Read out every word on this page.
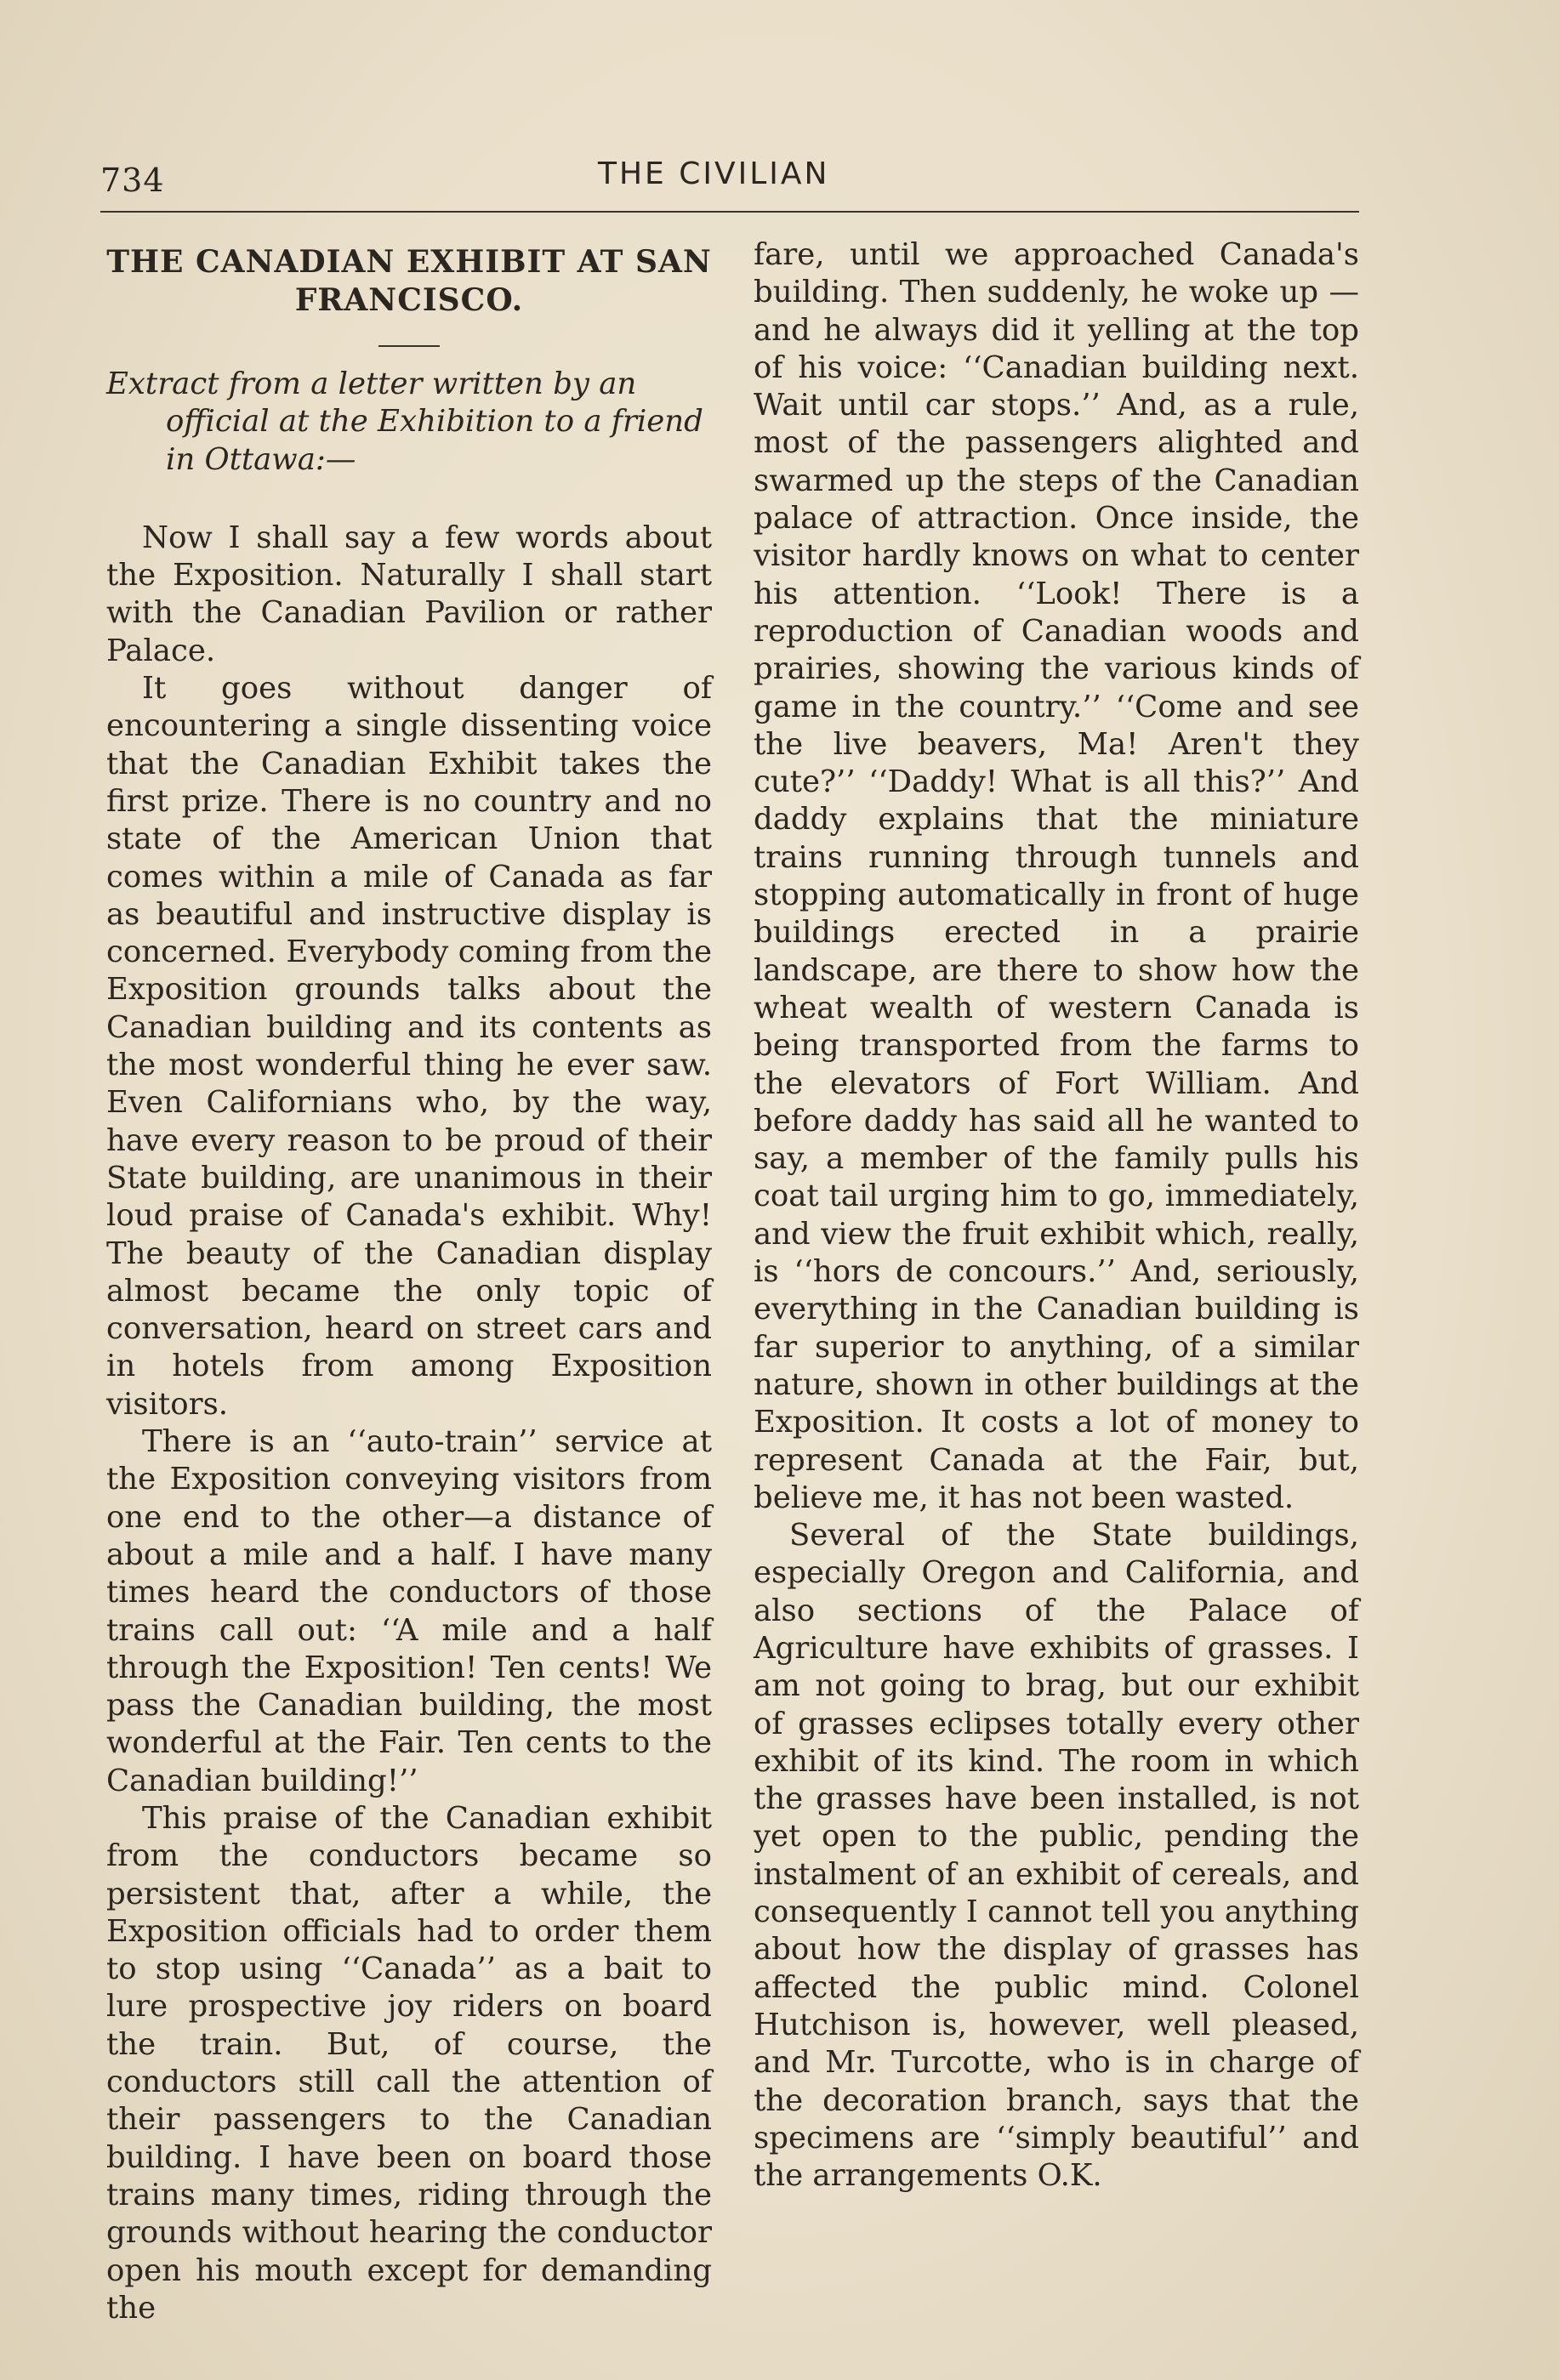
734	THE CIVILIAN
THE CANADIAN EXHIBIT AT SAN FRANCISCO.
Extract from a letter written by an official at the Exhibition to a friend in Ottawa:—

Now I shall say a few words about the Exposition. Naturally I shall start with the Canadian Pavilion or rather Palace.

It goes without danger of encountering a single dissenting voice that the Canadian Exhibit takes the first prize. There is no country and no state of the American Union that comes within a mile of Canada as far as beautiful and instructive display is concerned. Everybody coming from the Exposition grounds talks about the Canadian building and its contents as the most wonderful thing he ever saw. Even Californians who, by the way, have every reason to be proud of their State building, are unanimous in their loud praise of Canada's exhibit. Why! The beauty of the Canadian display almost became the only topic of conversation, heard on street cars and in hotels from among Exposition visitors.

There is an ‘‘auto-train’’ service at the Exposition conveying visitors from one end to the other—a distance of about a mile and a half. I have many times heard the conductors of those trains call out: ‘‘A mile and a half through the Exposition! Ten cents! We pass the Canadian building, the most wonderful at the Fair. Ten cents to the Canadian building!’’

This praise of the Canadian exhibit from the conductors became so persistent that, after a while, the Exposition officials had to order them to stop using ‘‘Canada’’ as a bait to lure prospective joy riders on board the train. But, of course, the conductors still call the attention of their passengers to the Canadian building. I have been on board those trains many times, riding through the grounds without hearing the conductor open his mouth except for demanding the

fare, until we approached Canada's building. Then suddenly, he woke up —and he always did it yelling at the top of his voice: ‘‘Canadian building next. Wait until car stops.’’ And, as a rule, most of the passengers alighted and swarmed up the steps of the Canadian palace of attraction. Once inside, the visitor hardly knows on what to center his attention. ‘‘Look! There is a reproduction of Canadian woods and prairies, showing the various kinds of game in the country.’’ ‘‘Come and see the live beavers, Ma! Aren't they cute?’’ ‘‘Daddy! What is all this?’’ And daddy explains that the miniature trains running through tunnels and stopping automatically in front of huge buildings erected in a prairie landscape, are there to show how the wheat wealth of western Canada is being transported from the farms to the elevators of Fort William. And before daddy has said all he wanted to say, a member of the family pulls his coat tail urging him to go, immediately, and view the fruit exhibit which, really, is ‘‘hors de concours.’’ And, seriously, everything in the Canadian building is far superior to anything, of a similar nature, shown in other buildings at the Exposition. It costs a lot of money to represent Canada at the Fair, but, believe me, it has not been wasted.

Several of the State buildings, especially Oregon and California, and also sections of the Palace of Agriculture have exhibits of grasses. I am not going to brag, but our exhibit of grasses eclipses totally every other exhibit of its kind. The room in which the grasses have been installed, is not yet open to the public, pending the instalment of an exhibit of cereals, and consequently I cannot tell you anything about how the display of grasses has affected the public mind. Colonel Hutchison is, however, well pleased, and Mr. Turcotte, who is in charge of the decoration branch, says that the specimens are ‘‘simply beautiful’’ and the arrangements O.K.
